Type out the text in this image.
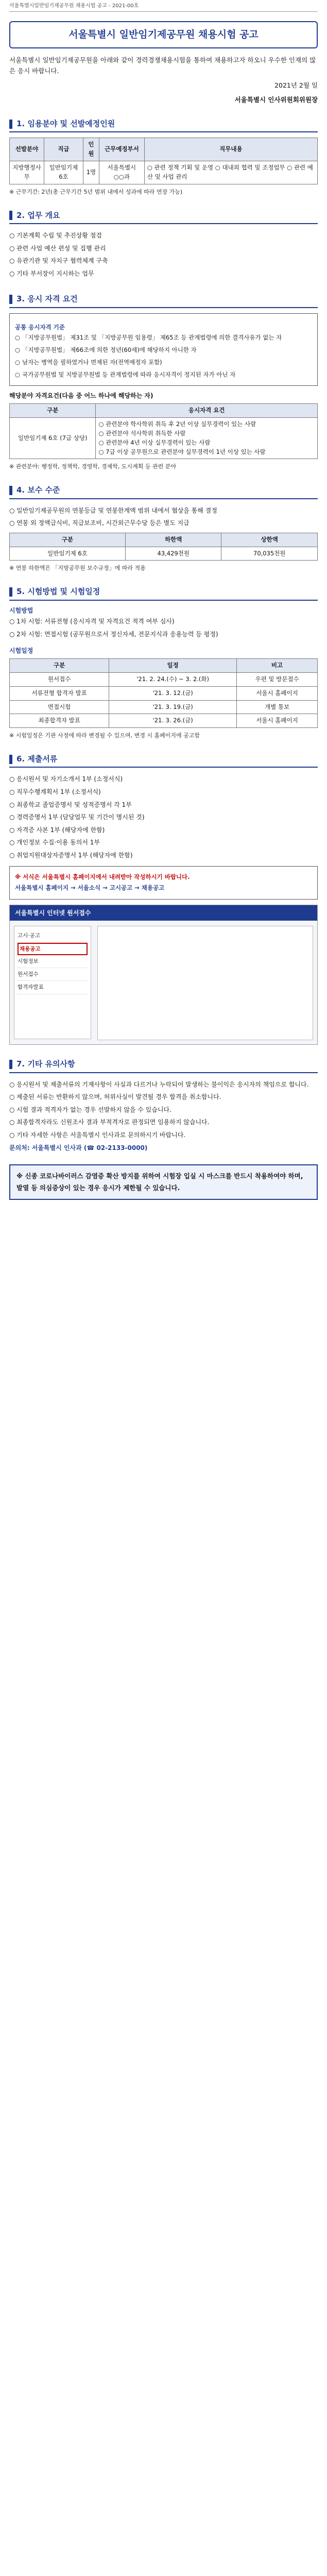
서울특별시일반임기제공무원 채용시험 공고 - 2021-00호
서울특별시 일반임기제공무원 채용시험 공고
서울특별시 일반임기제공무원을 아래와 같이 경력경쟁채용시험을 통하여 채용하고자 하오니 우수한 인재의 많은 응시 바랍니다.
2021년 2월 일
서울특별시 인사위원회위원장
1. 임용분야 및 선발예정인원
선발분야	직급	인원	근무예정부서	직무내용
지방행정사무	일반임기제 6호	1명	서울특별시 ○○과	○ 관련 정책 기획 및 운영 ○ 대내외 협력 및 조정업무 ○ 관련 예산 및 사업 관리
※ 근무기간: 2년(총 근무기간 5년 범위 내에서 성과에 따라 연장 가능)
2. 업무 개요
○ 기본계획 수립 및 추진상황 점검
○ 관련 사업 예산 편성 및 집행 관리
○ 유관기관 및 자치구 협력체계 구축
○ 기타 부서장이 지시하는 업무
3. 응시 자격 요건
공통 응시자격 기준
○ 「지방공무원법」 제31조 및 「지방공무원 임용령」 제65조 등 관계법령에 의한 결격사유가 없는 자
○ 「지방공무원법」 제66조에 의한 정년(60세)에 해당하지 아니한 자
○ 남자는 병역을 필하였거나 면제된 자(전역예정자 포함)
○ 국가공무원법 및 지방공무원법 등 관계법령에 따라 응시자격이 정지된 자가 아닌 자
해당분야 자격요건(다음 중 어느 하나에 해당하는 자)
구분	응시자격 요건
일반임기제 6호 (7급 상당)	○ 관련분야 학사학위 취득 후 2년 이상 실무경력이 있는 사람
○ 관련분야 석사학위 취득한 사람
○ 관련분야 4년 이상 실무경력이 있는 사람
○ 7급 이상 공무원으로 관련분야 실무경력이 1년 이상 있는 사람
※ 관련분야: 행정학, 정책학, 경영학, 경제학, 도시계획 등 관련 분야
4. 보수 수준
○ 일반임기제공무원의 연봉등급 및 연봉한계액 범위 내에서 협상을 통해 결정
○ 연봉 외 정액급식비, 직급보조비, 시간외근무수당 등은 별도 지급
구분	하한액	상한액
일반임기제 6호	43,429천원	70,035천원
※ 연봉 하한액은 「지방공무원 보수규정」에 따라 적용
5. 시험방법 및 시험일정
시험방법
○ 1차 시험: 서류전형 (응시자격 및 자격요건 적격 여부 심사)
○ 2차 시험: 면접시험 (공무원으로서 정신자세, 전문지식과 응용능력 등 평정)
시험일정
구분	일정	비고
원서접수	'21. 2. 24.(수) ~ 3. 2.(화)	우편 및 방문접수
서류전형 합격자 발표	'21. 3. 12.(금)	서울시 홈페이지
면접시험	'21. 3. 19.(금)	개별 통보
최종합격자 발표	'21. 3. 26.(금)	서울시 홈페이지
※ 시험일정은 기관 사정에 따라 변경될 수 있으며, 변경 시 홈페이지에 공고함
6. 제출서류
○ 응시원서 및 자기소개서 1부 (소정서식)
○ 직무수행계획서 1부 (소정서식)
○ 최종학교 졸업증명서 및 성적증명서 각 1부
○ 경력증명서 1부 (담당업무 및 기간이 명시된 것)
○ 자격증 사본 1부 (해당자에 한함)
○ 개인정보 수집·이용 동의서 1부
○ 취업지원대상자증명서 1부 (해당자에 한함)

※ 서식은 서울특별시 홈페이지에서 내려받아 작성하시기 바랍니다.

서울특별시 홈페이지 → 서울소식 → 고시공고 → 채용공고

서울특별시 인터넷 원서접수
고시·공고
채용공고
시험정보
원서접수
합격자발표
7. 기타 유의사항
○ 응시원서 및 제출서류의 기재사항이 사실과 다르거나 누락되어 발생하는 불이익은 응시자의 책임으로 합니다.
○ 제출된 서류는 반환하지 않으며, 허위사실이 발견될 경우 합격을 취소합니다.
○ 시험 결과 적격자가 없는 경우 선발하지 않을 수 있습니다.
○ 최종합격자라도 신원조사 결과 부적격자로 판정되면 임용하지 않습니다.
○ 기타 자세한 사항은 서울특별시 인사과로 문의하시기 바랍니다.
문의처: 서울특별시 인사과 (☎ 02-2133-0000)
※ 신종 코로나바이러스 감염증 확산 방지를 위하여 시험장 입실 시 마스크를 반드시 착용하여야 하며, 발열 등 의심증상이 있는 경우 응시가 제한될 수 있습니다.
